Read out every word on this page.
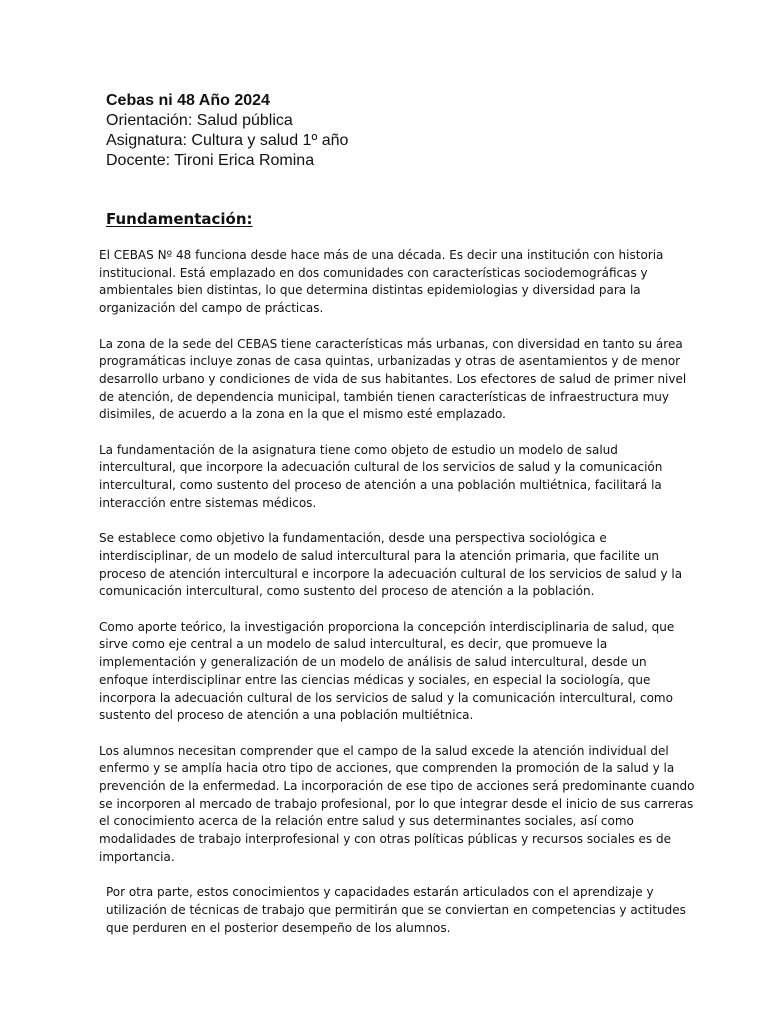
Cebas ni 48 Año 2024
Orientación: Salud pública
Asignatura: Cultura y salud 1º año
Docente: Tironi Erica Romina
Fundamentación:

El CEBAS Nº 48 funciona desde hace más de una década. Es decir una institución con historia
institucional. Está emplazado en dos comunidades con características sociodemográficas y
ambientales bien distintas, lo que determina distintas epidemiologias y diversidad para la
organización del campo de prácticas.

La zona de la sede del CEBAS tiene características más urbanas, con diversidad en tanto su área
programáticas incluye zonas de casa quintas, urbanizadas y otras de asentamientos y de menor
desarrollo urbano y condiciones de vida de sus habitantes. Los efectores de salud de primer nivel
de atención, de dependencia municipal, también tienen características de infraestructura muy
disimiles, de acuerdo a la zona en la que el mismo esté emplazado.

La fundamentación de la asignatura tiene como objeto de estudio un modelo de salud
intercultural, que incorpore la adecuación cultural de los servicios de salud y la comunicación
intercultural, como sustento del proceso de atención a una población multiétnica, facilitará la
interacción entre sistemas médicos.

Se establece como objetivo la fundamentación, desde una perspectiva sociológica e
interdisciplinar, de un modelo de salud intercultural para la atención primaria, que facilite un
proceso de atención intercultural e incorpore la adecuación cultural de los servicios de salud y la
comunicación intercultural, como sustento del proceso de atención a la población.

Como aporte teórico, la investigación proporciona la concepción interdisciplinaria de salud, que
sirve como eje central a un modelo de salud intercultural, es decir, que promueve la
implementación y generalización de un modelo de análisis de salud intercultural, desde un
enfoque interdisciplinar entre las ciencias médicas y sociales, en especial la sociología, que
incorpora la adecuación cultural de los servicios de salud y la comunicación intercultural, como
sustento del proceso de atención a una población multiétnica.

Los alumnos necesitan comprender que el campo de la salud excede la atención individual del
enfermo y se amplía hacia otro tipo de acciones, que comprenden la promoción de la salud y la
prevención de la enfermedad. La incorporación de ese tipo de acciones será predominante cuando
se incorporen al mercado de trabajo profesional, por lo que integrar desde el inicio de sus carreras
el conocimiento acerca de la relación entre salud y sus determinantes sociales, así como
modalidades de trabajo interprofesional y con otras políticas públicas y recursos sociales es de
importancia.

Por otra parte, estos conocimientos y capacidades estarán articulados con el aprendizaje y
utilización de técnicas de trabajo que permitirán que se conviertan en competencias y actitudes
que perduren en el posterior desempeño de los alumnos.
